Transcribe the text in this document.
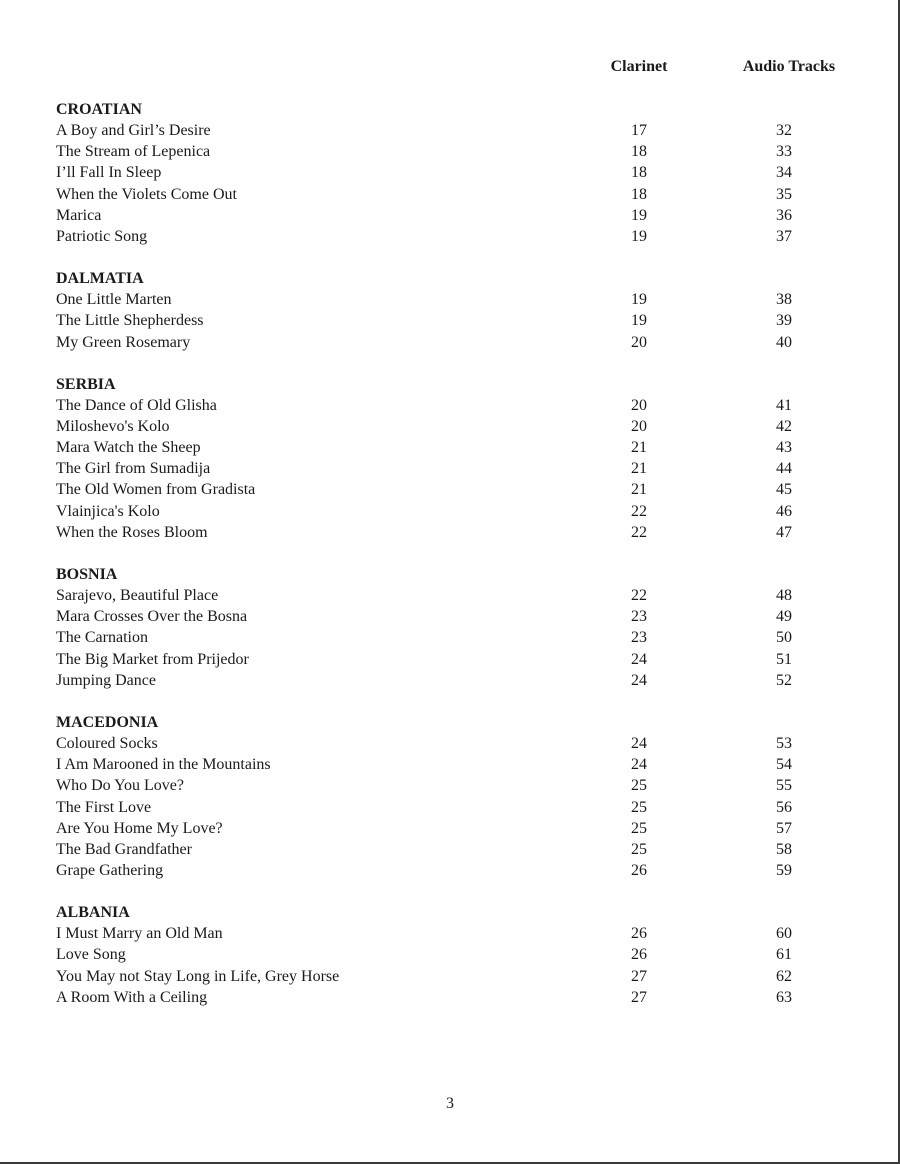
Clarinet	Audio Tracks
CROATIAN
A Boy and Girl’s Desire	17	32
The Stream of Lepenica	18	33
I’ll Fall In Sleep	18	34
When the Violets Come Out	18	35
Marica	19	36
Patriotic Song	19	37
DALMATIA
One Little Marten	19	38
The Little Shepherdess	19	39
My Green Rosemary	20	40
SERBIA
The Dance of Old Glisha	20	41
Miloshevo's Kolo	20	42
Mara Watch the Sheep	21	43
The Girl from Sumadija	21	44
The Old Women from Gradista	21	45
Vlainjica's Kolo	22	46
When the Roses Bloom	22	47
BOSNIA
Sarajevo, Beautiful Place	22	48
Mara Crosses Over the Bosna	23	49
The Carnation	23	50
The Big Market from Prijedor	24	51
Jumping Dance	24	52
MACEDONIA
Coloured Socks	24	53
I Am Marooned in the Mountains	24	54
Who Do You Love?	25	55
The First Love	25	56
Are You Home My Love?	25	57
The Bad Grandfather	25	58
Grape Gathering	26	59
ALBANIA
I Must Marry an Old Man	26	60
Love Song	26	61
You May not Stay Long in Life, Grey Horse	27	62
A Room With a Ceiling	27	63
3
